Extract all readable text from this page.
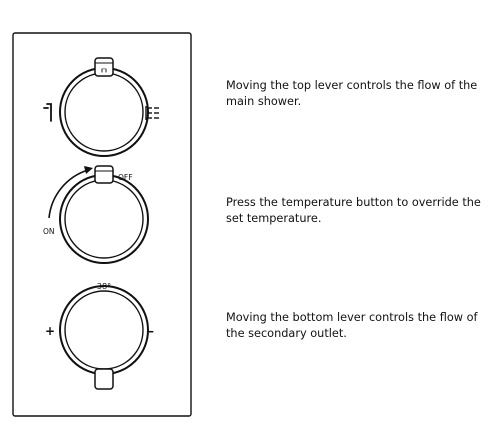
╓╖
OFF
ON
38°
+	–
Moving the top lever controls the flow of the main shower.
Press the temperature button to override the set temperature.
Moving the bottom lever controls the flow of the secondary outlet.
